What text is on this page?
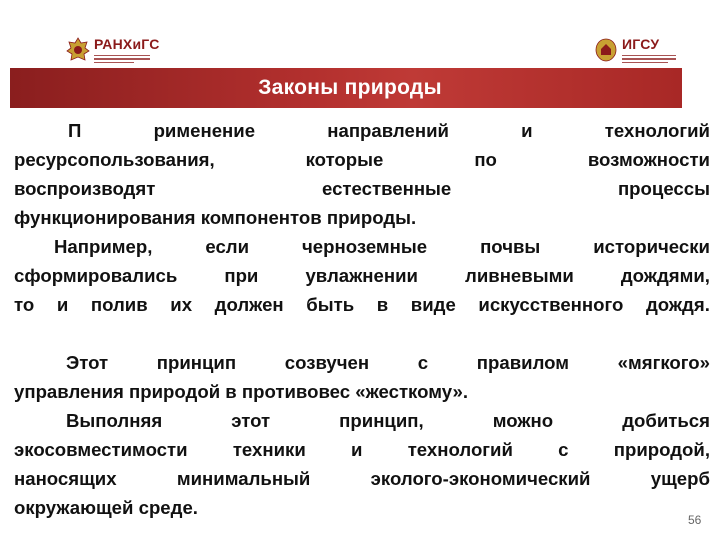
РАНХиГС	ИГСУ
Законы природы
П	рименение	направлений	и	технологий
ресурсопользования,	которые	по	возможности
воспроизводят	естественные	процессы
функционирования компонентов природы.
Например,	если	черноземные	почвы	исторически
сформировались	при	увлажнении	ливневыми	дождями,
то и полив их должен быть в виде искусственного дождя.
Этот	принцип	созвучен	с	правилом	«мягкого»
управления природой в противовес «жесткому».
Выполняя	этот	принцип,	можно	добиться
экосовместимости техники и технологий с природой,
наносящих	минимальный	эколого-экономический	ущерб
окружающей среде.
56
